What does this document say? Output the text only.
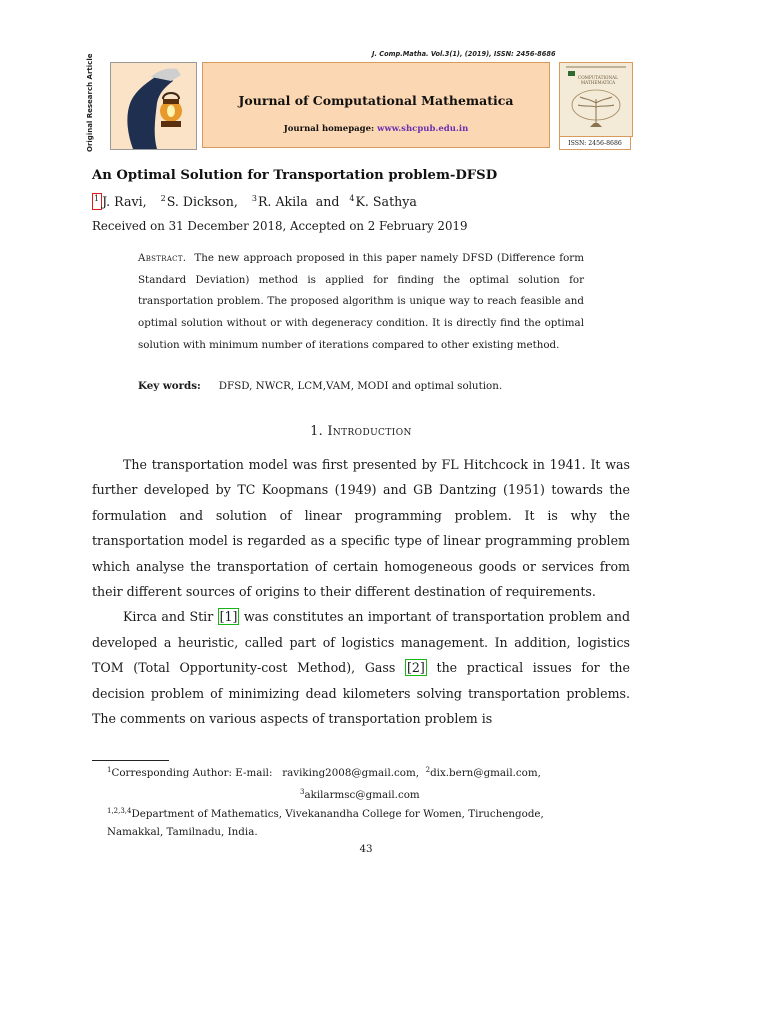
J. Comp.Matha. Vol.3(1), (2019), ISSN: 2456-8686
Original Research Article	Journal of Computational Mathematica
Journal homepage: www.shcpub.edu.in
COMPUTATIONAL
MATHEMATICA
ISSN: 2456-8686
An Optimal Solution for Transportation problem-DFSD
$^1$ J. Ravi, $^2$S. Dickson, $^3$R. Akila and $^4$K. Sathya
Received on 31 December 2018, Accepted on 2 February 2019
Abstract. The new approach proposed in this paper namely DFSD (Difference form Standard Deviation) method is applied for finding the optimal solution for transportation problem. The proposed algorithm is unique way to reach feasible and optimal solution without or with degeneracy condition. It is directly find the optimal solution with minimum number of iterations compared to other existing method.
Key words: DFSD, NWCR, LCM,VAM, MODI and optimal solution.
1. Introduction

The transportation model was first presented by FL Hitchcock in 1941. It was further developed by TC Koopmans (1949) and GB Dantzing (1951) towards the formulation and solution of linear programming problem. It is why the transportation model is regarded as a specific type of linear programming problem which analyse the transportation of certain homogeneous goods or services from their different sources of origins to their different destination of requirements.

Kirca and Stir [1] was constitutes an important of transportation problem and developed a heuristic, called part of logistics management. In addition, logistics TOM (Total Opportunity-cost Method), Gass [2] the practical issues for the decision problem of minimizing dead kilometers solving transportation problems. The comments on various aspects of transportation problem is

$^1$Corresponding Author: E-mail: raviking2008@gmail.com, $^2$dix.bern@gmail.com,
$^3$akilarmsc@gmail.com
$^{1,2,3,4}$Department of Mathematics, Vivekanandha College for Women, Tiruchengode,
Namakkal, Tamilnadu, India.
43
